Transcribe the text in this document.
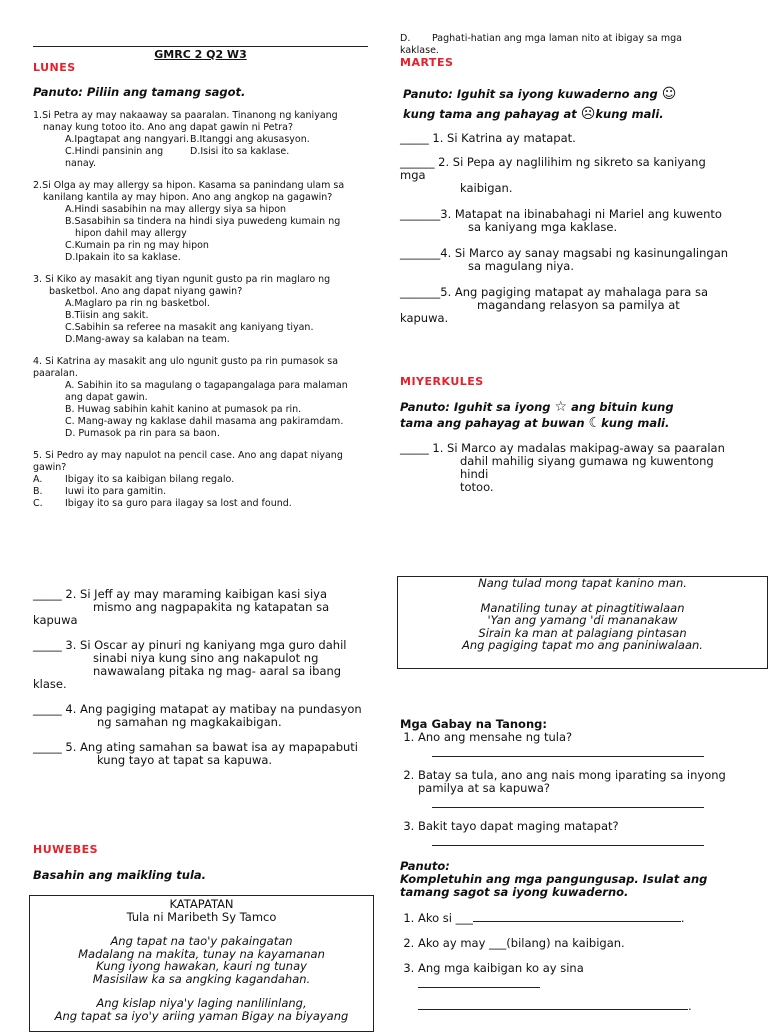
GMRC 2 Q2 W3
LUNES
Panuto: Piliin ang tamang sagot.

1.Si Petra ay may nakaaway sa paaralan. Tinanong ng kaniyang

nanay kung totoo ito. Ano ang dapat gawin ni Petra?

A.Ipagtapat ang nangyari. B.Itanggi ang akusasyon.
C.Hindi pansinin ang nanay.
D.Isisi ito sa kaklase.

2.Si Olga ay may allergy sa hipon. Kasama sa panindang ulam sa

kanilang kantila ay may hipon. Ano ang angkop na gagawin?

A.Hindi sasabihin na may allergy siya sa hipon

B.Sasabihin sa tindera na hindi siya puwedeng kumain ng

hipon dahil may allergy

C.Kumain pa rin ng may hipon

D.Ipakain ito sa kaklase.

3. Si Kiko ay masakit ang tiyan ngunit gusto pa rin maglaro ng

basketbol. Ano ang dapat niyang gawin?

A.Maglaro pa rin ng basketbol.

B.Tiisin ang sakit.

C.Sabihin sa referee na masakit ang kaniyang tiyan.

D.Mang-away sa kalaban na team.

4. Si Katrina ay masakit ang ulo ngunit gusto pa rin pumasok sa

paaralan.

A. Sabihin ito sa magulang o tagapangalaga para malaman

ang dapat gawin.

B. Huwag sabihin kahit kanino at pumasok pa rin.

C. Mang-away ng kaklase dahil masama ang pakiramdam.

D. Pumasok pa rin para sa baon.

5. Si Pedro ay may napulot na pencil case. Ano ang dapat niyang

gawin?

A. Ibigay ito sa kaibigan bilang regalo.

B. Iuwi ito para gamitin.

C. Ibigay ito sa guro para ilagay sa lost and found.

_____ 2. Si Jeff ay may maraming kaibigan kasi siya
mismo ang nagpapakita ng katapatan sa
kapuwa
_____ 3. Si Oscar ay pinuri ng kaniyang mga guro dahil
sinabi niya kung sino ang nakapulot ng
nawawalang pitaka ng mag- aaral sa ibang
klase.
_____ 4. Ang pagiging matapat ay matibay na pundasyon
ng samahan ng magkakaibigan.
_____ 5. Ang ating samahan sa bawat isa ay mapapabuti
kung tayo at tapat sa kapuwa.
HUWEBES
Basahin ang maikling tula.
KATAPATAN
Tula ni Maribeth Sy Tamco
Ang tapat na tao'y pakaingatan
Madalang na makita, tunay na kayamanan
Kung iyong hawakan, kauri ng tunay
Masisilaw ka sa angking kagandahan.
Ang kislap niya'y laging nanlilinlang,
Ang tapat sa iyo'y ariing yaman Bigay na biyayang
D. Paghati-hatian ang mga laman nito at ibigay sa mga
kaklase.
MARTES
Panuto: Iguhit sa iyong kuwaderno ang ☺
kung tama ang pahayag at ☹kung mali.
_____ 1. Si Katrina ay matapat.
______ 2. Si Pepa ay naglilihim ng sikreto sa kaniyang mga
kaibigan.
_______3. Matapat na ibinabahagi ni Mariel ang kuwento
sa kaniyang mga kaklase.
_______4. Si Marco ay sanay magsabi ng kasinungalingan
sa magulang niya.
_______5. Ang pagiging matapat ay mahalaga para sa
magandang relasyon sa pamilya at
kapuwa.
MIYERKULES
Panuto: Iguhit sa iyong ☆ ang bituin kung
tama ang pahayag at buwan ☾kung mali.
_____ 1. Si Marco ay madalas makipag-away sa paaralan
dahil mahilig siyang gumawa ng kuwentong hindi
totoo.
Nang tulad mong tapat kanino man.
Manatiling tunay at pinagtitiwalaan
'Yan ang yamang 'di mananakaw
Sirain ka man at palagiang pintasan
Ang pagiging tapat mo ang paniniwalaan.
Mga Gabay na Tanong:
1. Ano ang mensahe ng tula?
2. Batay sa tula, ano ang nais mong iparating sa inyong pamilya at sa kapuwa?
3. Bakit tayo dapat maging matapat?
Panuto:
Kompletuhin ang mga pangungusap. Isulat ang tamang sagot sa iyong kuwaderno.
1. Ako si ___	.
2. Ako ay may ___(bilang) na kaibigan.
3. Ang mga kaibigan ko ay sina

.
